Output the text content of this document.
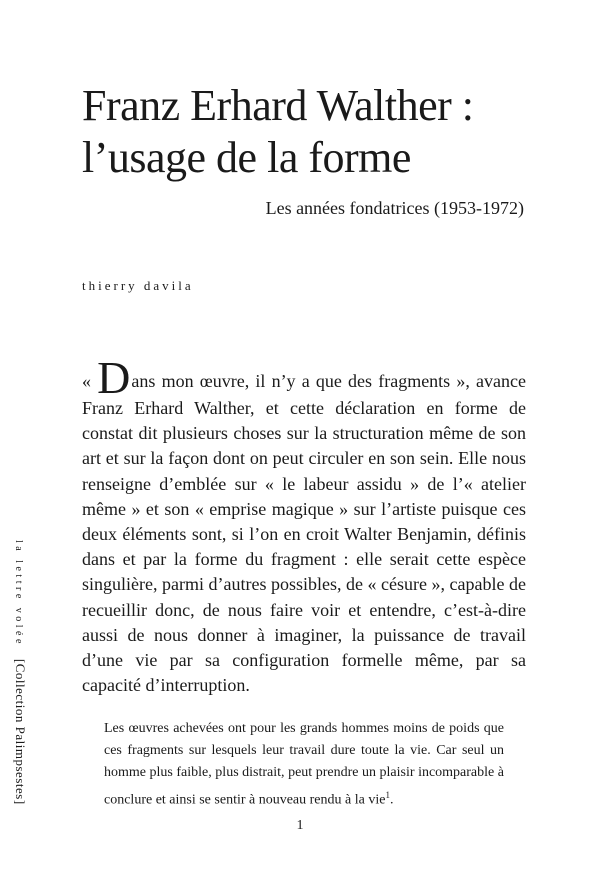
Franz Erhard Walther :
l’usage de la forme
Les années fondatrices (1953-1972)
thierry davila

« Dans mon œuvre, il n’y a que des fragments », avance Franz Erhard Walther, et cette déclaration en forme de constat dit plusieurs choses sur la structuration même de son art et sur la façon dont on peut circuler en son sein. Elle nous renseigne d’emblée sur « le labeur assidu » de l’« atelier même » et son « emprise magique » sur l’artiste puisque ces deux éléments sont, si l’on en croit Walter Benjamin, définis dans et par la forme du fragment : elle serait cette espèce singulière, parmi d’autres possibles, de « césure », capable de recueillir donc, de nous faire voir et entendre, c’est-à-dire aussi de nous donner à imaginer, la puissance de travail d’une vie par sa configuration formelle même, par sa capacité d’interruption.

Les œuvres achevées ont pour les grands hommes moins de poids que ces fragments sur lesquels leur travail dure toute la vie. Car seul un homme plus faible, plus distrait, peut prendre un plaisir incomparable à conclure et ainsi se sentir à nouveau rendu à la vie$^1$.

1
la lettre volée[Collection Palimpsestes]
